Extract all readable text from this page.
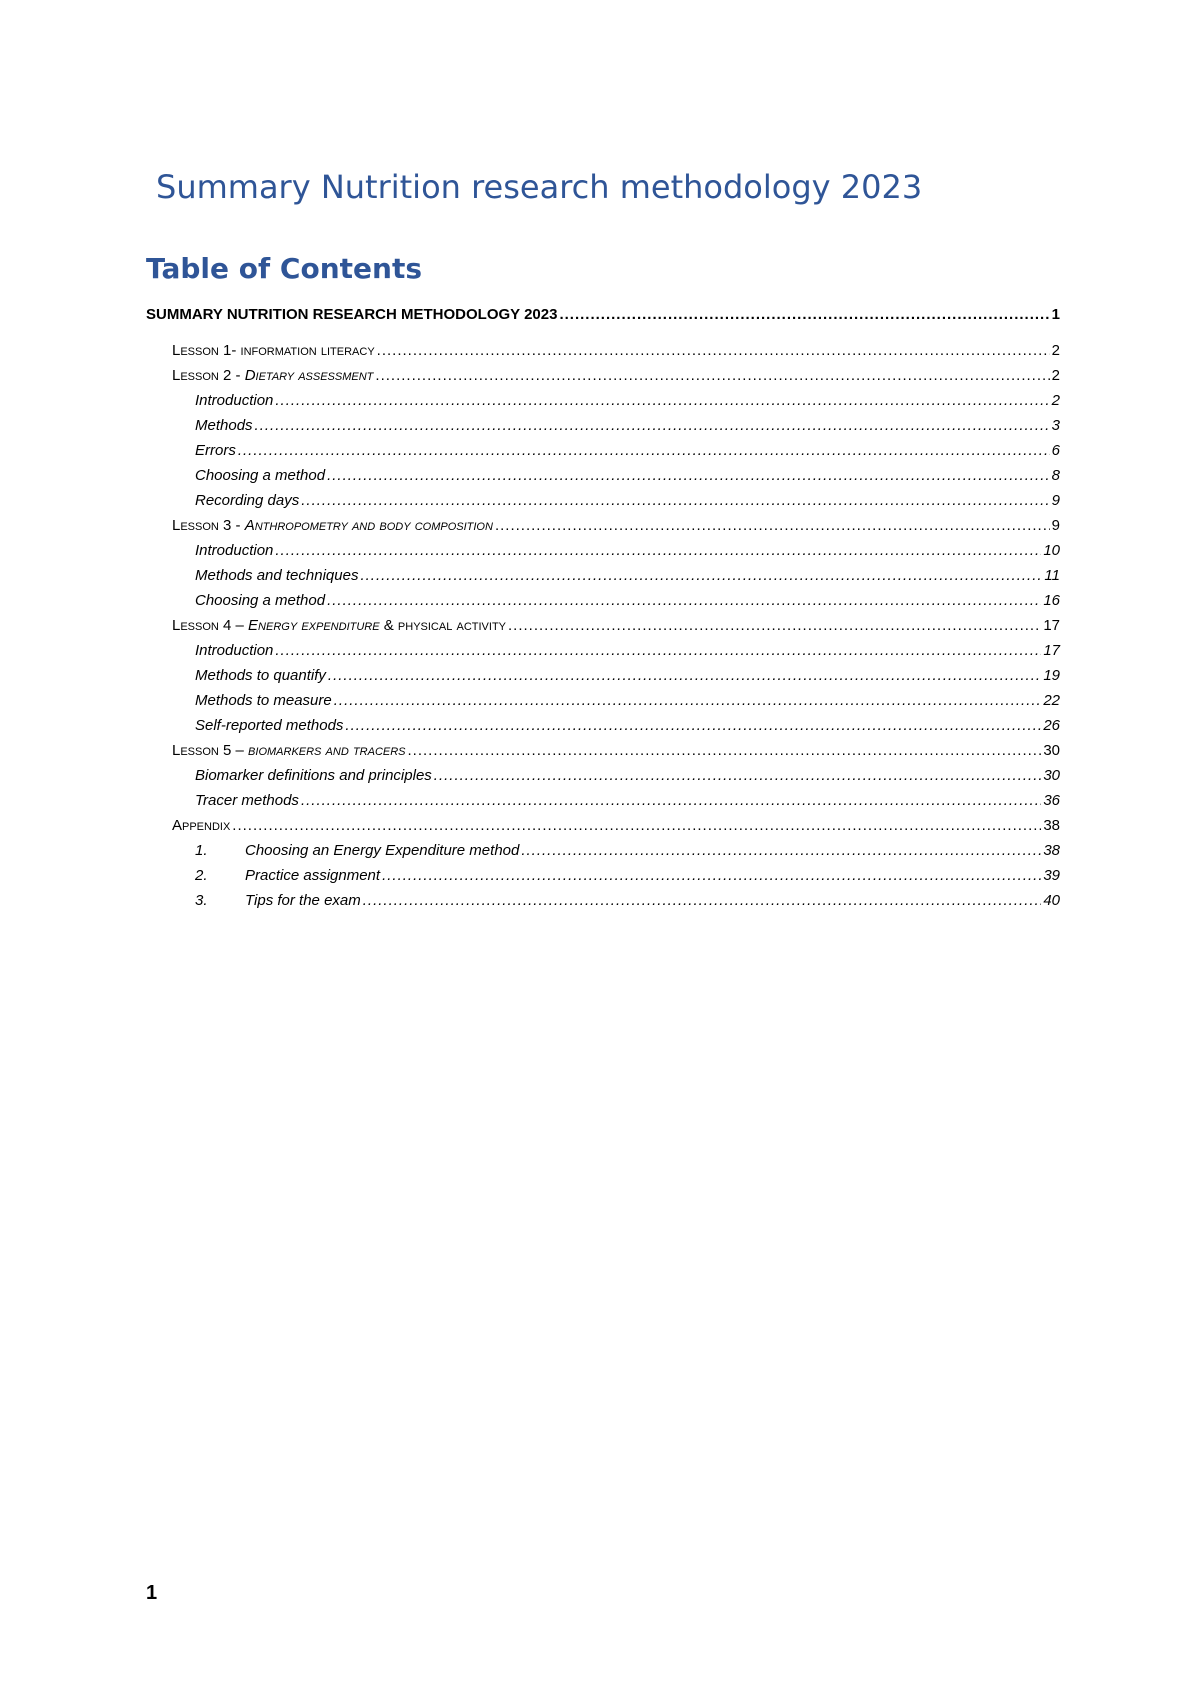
Summary Nutrition research methodology 2023
Table of Contents
SUMMARY NUTRITION RESEARCH METHODOLOGY 2023 .....	1
Lesson 1- information literacy .....	2
Lesson 2 - Dietary assessment .....	2
Introduction .....	2
Methods .....	3
Errors .....	6
Choosing a method .....	8
Recording days .....	9
Lesson 3 - Anthropometry and body composition .....	9
Introduction .....	10
Methods and techniques .....	11
Choosing a method .....	16
Lesson 4 – Energy expenditure & physical activity .....	17
Introduction .....	17
Methods to quantify .....	19
Methods to measure .....	22
Self-reported methods .....	26
Lesson 5 – biomarkers and tracers .....	30
Biomarker definitions and principles .....	30
Tracer methods .....	36
Appendix .....	38
1. Choosing an Energy Expenditure method .....	38
2. Practice assignment .....	39
3. Tips for the exam .....	40
1
